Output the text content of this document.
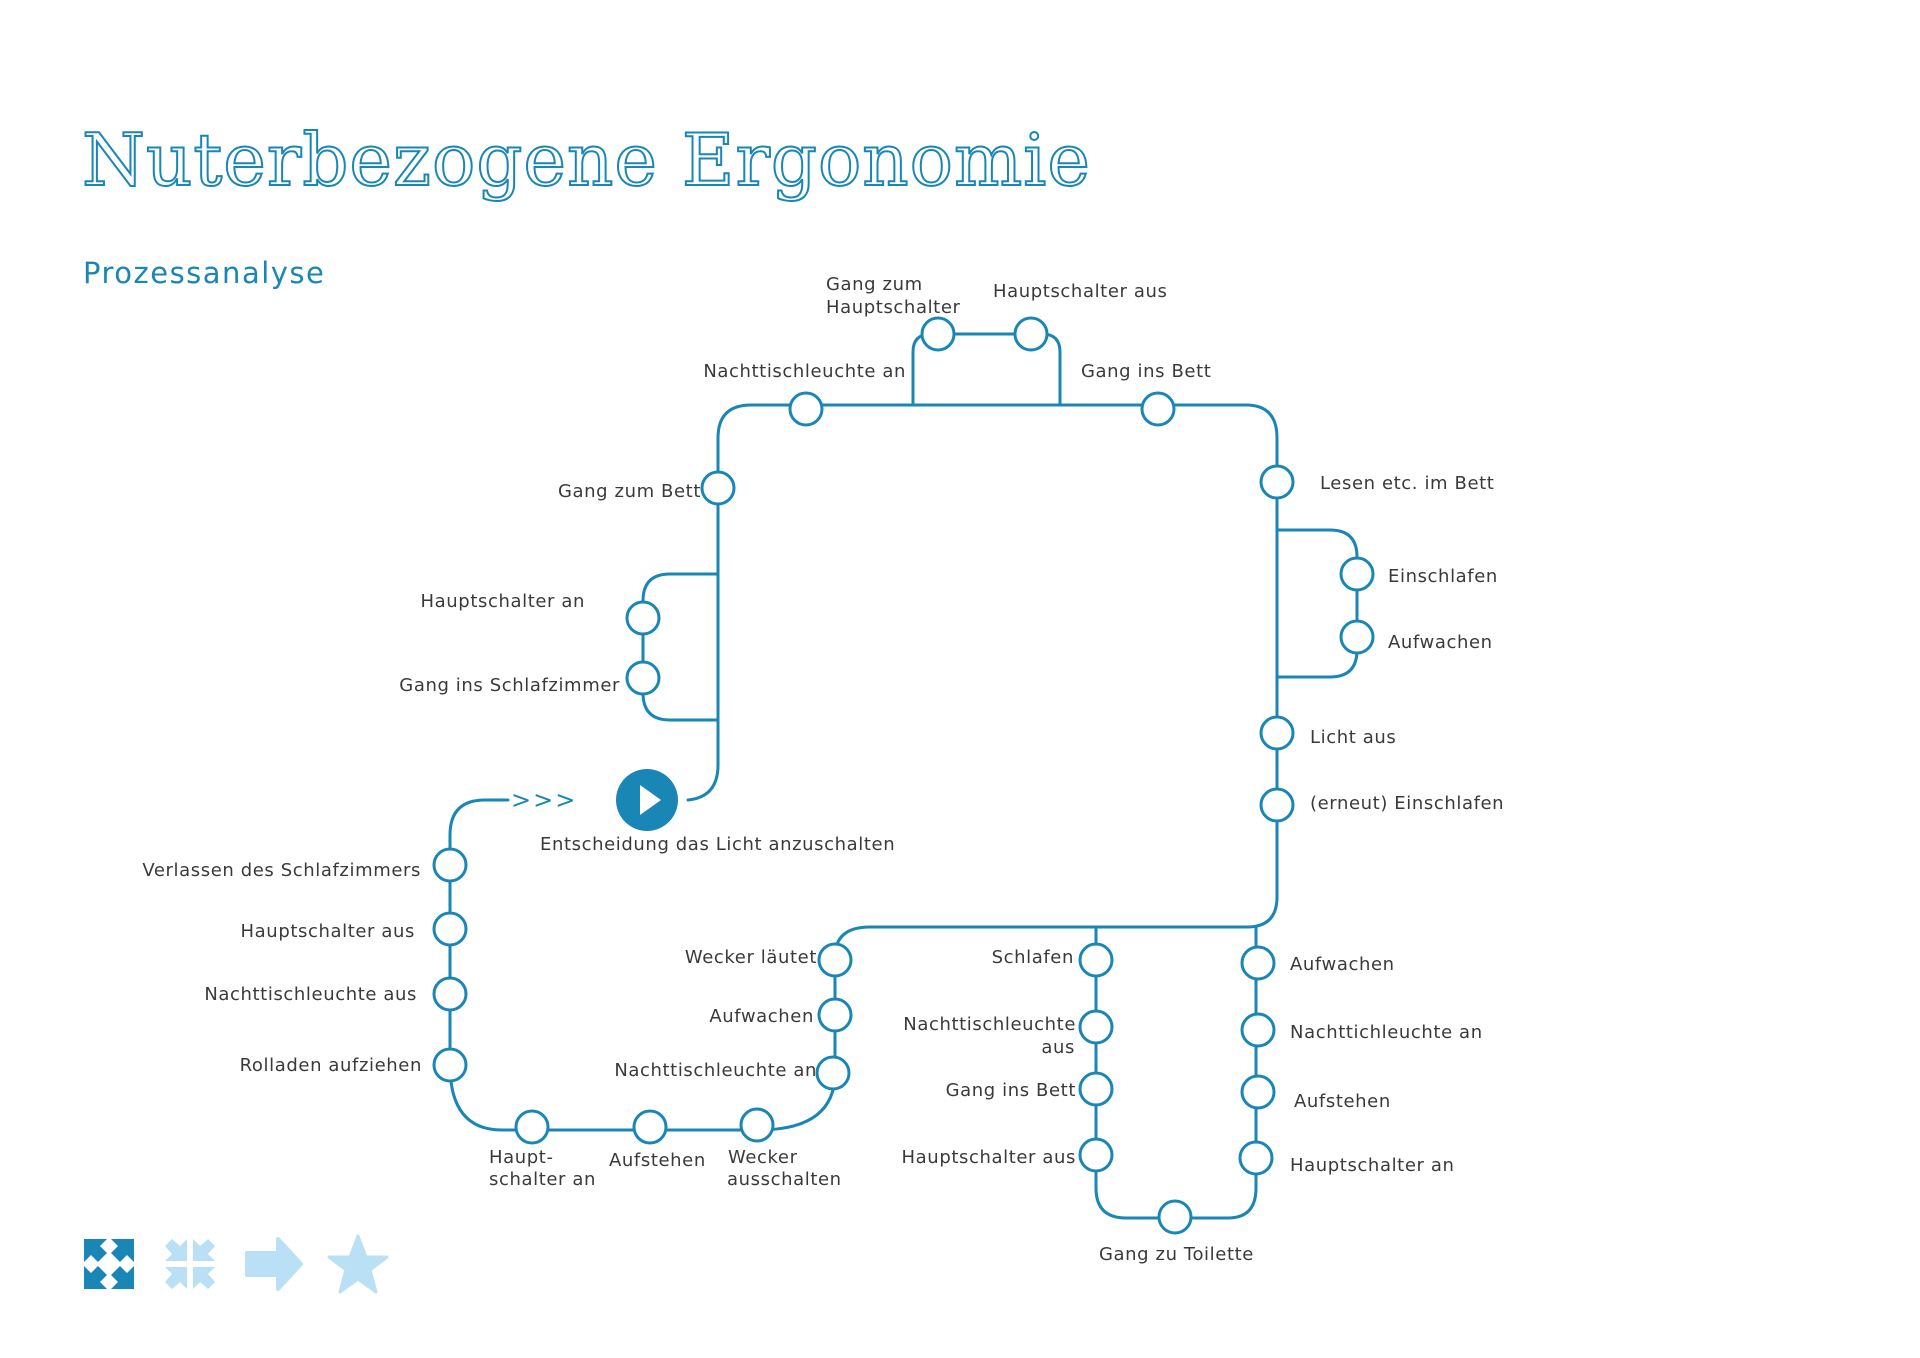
Nuterbezogene Ergonomie
Prozessanalyse
>>>
Nachttischleuchte an
Gang zum
Hauptschalter
Hauptschalter aus
Gang ins Bett
Gang zum Bett
Hauptschalter an
Gang ins Schlafzimmer
Lesen etc. im Bett
Einschlafen
Aufwachen
Licht aus
(erneut) Einschlafen
Entscheidung das Licht anzuschalten
Verlassen des Schlafzimmers
Hauptschalter aus
Nachttischleuchte aus
Rolladen aufziehen
Haupt-
schalter an
Aufstehen Wecker
ausschalten
Wecker läutet
Aufwachen
Nachttischleuchte an
Schlafen
Nachttischleuchte
aus
Gang ins Bett
Hauptschalter aus
Gang zu Toilette
Aufwachen
Nachttichleuchte an
Aufstehen
Hauptschalter an
